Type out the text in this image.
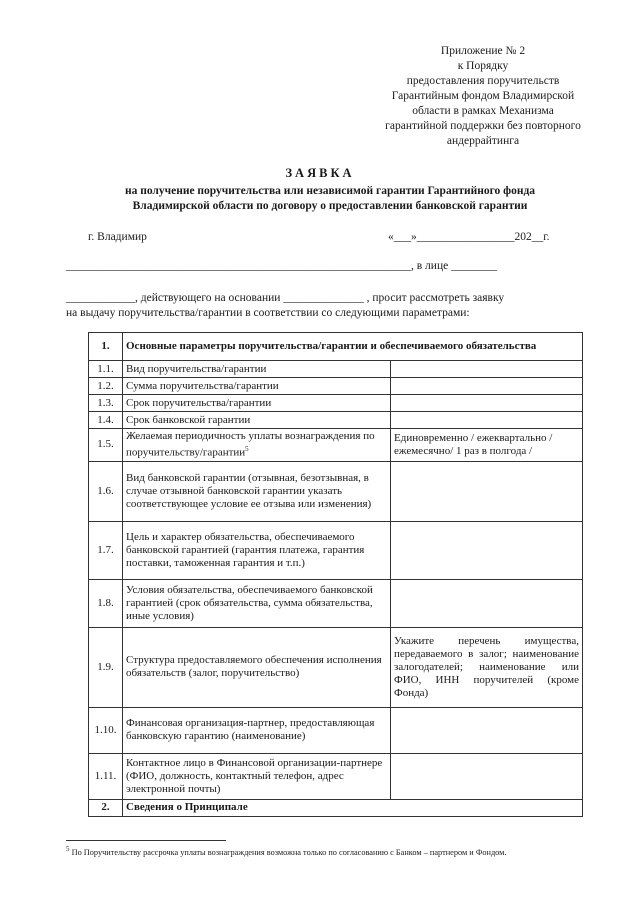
Приложение № 2
к Порядку
предоставления поручительств
Гарантийным фондом Владимирской
области в рамках Механизма
гарантийной поддержки без повторного
андеррайтинга
ЗАЯВКА
на получение поручительства или независимой гарантии Гарантийного фонда
Владимирской области по договору о предоставлении банковской гарантии
г. Владимир	«___»_________________202__г.
____________________________________________________________, в лице ________
____________, действующего на основании ______________ , просит рассмотреть заявку
на выдачу поручительства/гарантии в соответствии со следующими параметрами:
1.	Основные параметры поручительства/гарантии и обеспечиваемого обязательства	
1.1.	Вид поручительства/гарантии	
1.2.	Сумма поручительства/гарантии	
1.3.	Срок поручительства/гарантии	
1.4.	Срок банковской гарантии	
1.5.	Желаемая периодичность уплаты вознаграждения по поручительству/гарантии$^5$	Единовременно / ежеквартально / ежемесячно/ 1 раз в полгода /
1.6.	Вид банковской гарантии (отзывная, безотзывная, в случае отзывной банковской гарантии указать соответствующее условие ее отзыва или изменения)	
1.7.	Цель и характер обязательства, обеспечиваемого банковской гарантией (гарантия платежа, гарантия поставки, таможенная гарантия и т.п.)	
1.8.	Условия обязательства, обеспечиваемого банковской гарантией (срок обязательства, сумма обязательства, иные условия)	
1.9.	Структура предоставляемого обеспечения исполнения обязательств (залог, поручительство)	Укажите перечень имущества, передаваемого в залог; наименование залогодателей; наименование или ФИО, ИНН поручителей (кроме Фонда)
1.10.	Финансовая организация-партнер, предоставляющая банковскую гарантию (наименование)	
1.11.	Контактное лицо в Финансовой организации-партнере (ФИО, должность, контактный телефон, адрес электронной почты)	
2.	Сведения о Принципале	
$^5$ По Поручительству рассрочка уплаты вознаграждения возможна только по согласованию с Банком – партнером и Фондом.
